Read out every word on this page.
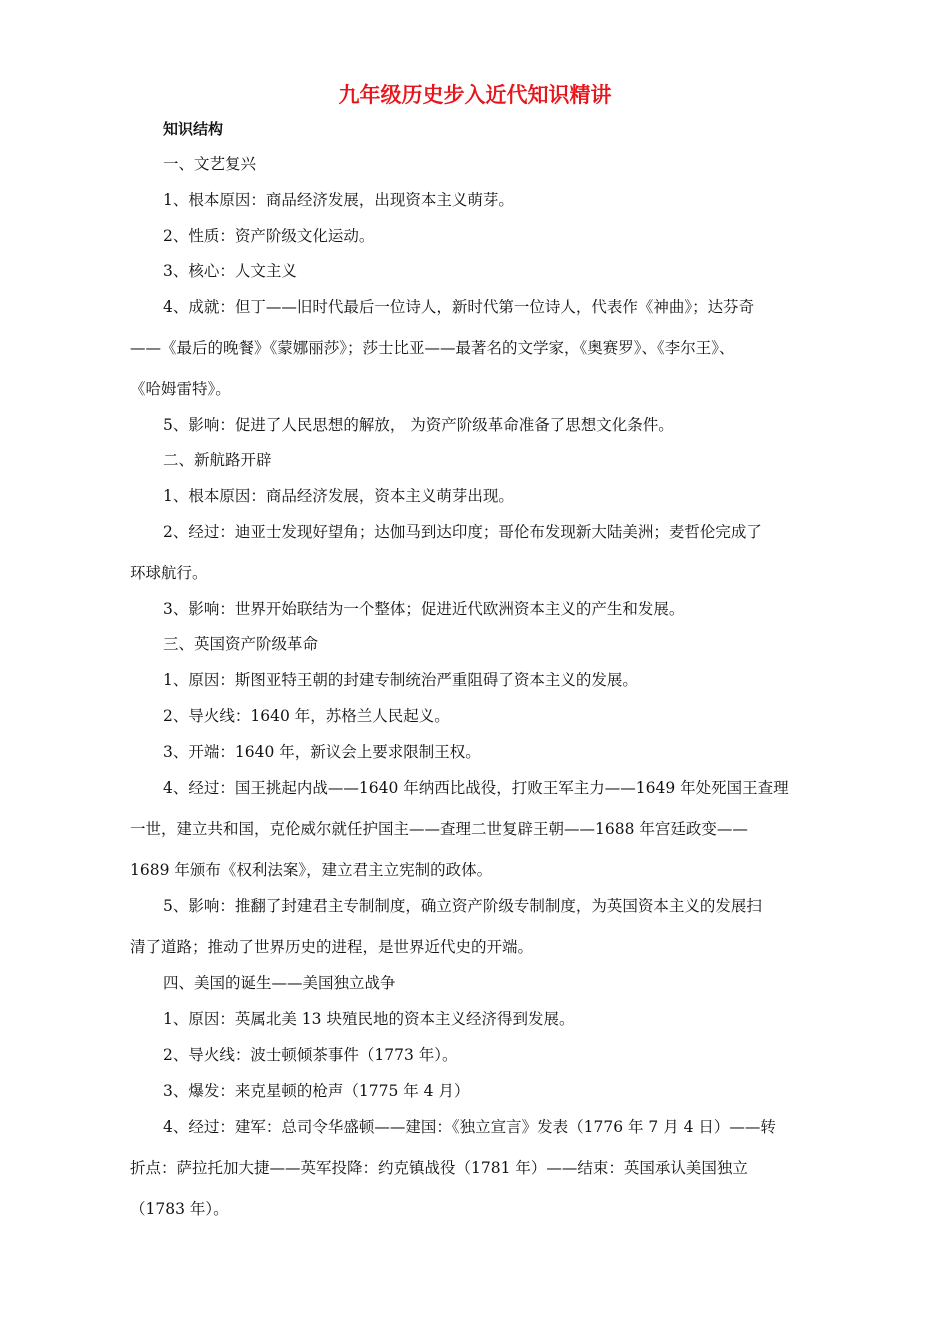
九年级历史步入近代知识精讲

知识结构

一、文艺复兴

1、根本原因：商品经济发展，出现资本主义萌芽。

2、性质：资产阶级文化运动。

3、核心：人文主义

4、成就：但丁——旧时代最后一位诗人，新时代第一位诗人，代表作《神曲》；达芬奇

——《最后的晚餐》《蒙娜丽莎》；莎士比亚——最著名的文学家，《奥赛罗》、《李尔王》、

《哈姆雷特》。

5、影响：促进了人民思想的解放， 为资产阶级革命准备了思想文化条件。

二、新航路开辟

1、根本原因：商品经济发展，资本主义萌芽出现。

2、经过：迪亚士发现好望角；达伽马到达印度；哥伦布发现新大陆美洲；麦哲伦完成了

环球航行。

3、影响：世界开始联结为一个整体；促进近代欧洲资本主义的产生和发展。

三、英国资产阶级革命

1、原因：斯图亚特王朝的封建专制统治严重阻碍了资本主义的发展。

2、导火线：1640 年，苏格兰人民起义。

3、开端：1640 年，新议会上要求限制王权。

4、经过：国王挑起内战——1640 年纳西比战役，打败王军主力——1649 年处死国王查理

一世，建立共和国，克伦威尔就任护国主——查理二世复辟王朝——1688 年宫廷政变——

1689 年颁布《权利法案》，建立君主立宪制的政体。

5、影响：推翻了封建君主专制制度，确立资产阶级专制制度，为英国资本主义的发展扫

清了道路；推动了世界历史的进程，是世界近代史的开端。

四、美国的诞生——美国独立战争

1、原因：英属北美 13 块殖民地的资本主义经济得到发展。

2、导火线：波士顿倾茶事件（1773 年）。

3、爆发：来克星顿的枪声（1775 年 4 月）

4、经过：建军：总司令华盛顿——建国：《独立宣言》发表（1776 年 7 月 4 日）——转

折点：萨拉托加大捷——英军投降：约克镇战役（1781 年）——结束：英国承认美国独立

（1783 年）。
